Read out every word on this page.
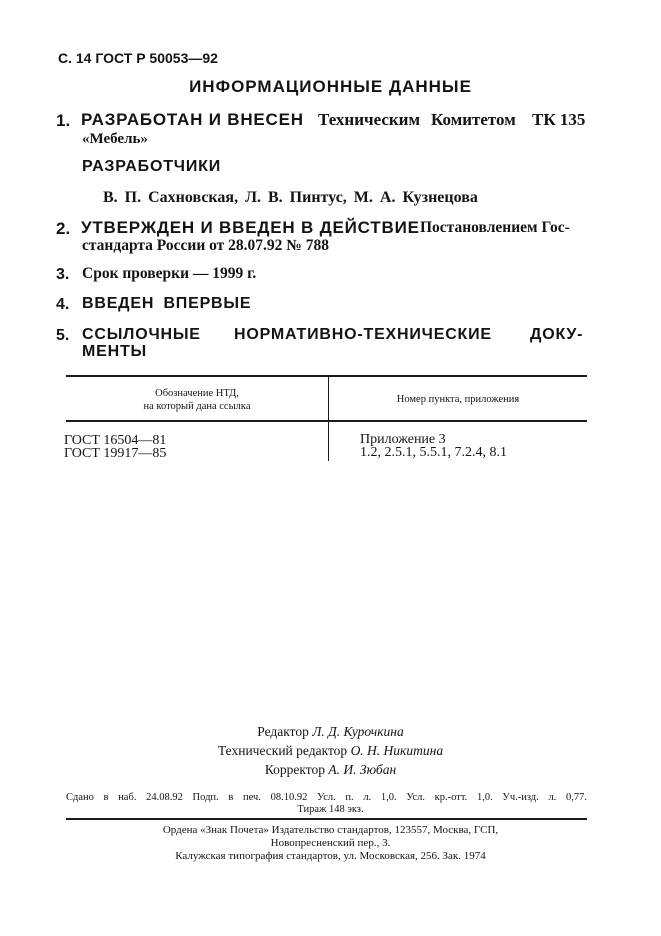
С. 14 ГОСТ Р 50053—92
ИНФОРМАЦИОННЫЕ ДАННЫЕ
1. РАЗРАБОТАН И ВНЕСЕН Техническим Комитетом ТК 135
«Мебель»
РАЗРАБОТЧИКИ
В. П. Сахновская, Л. В. Пинтус, М. А. Кузнецова
2. УТВЕРЖДЕН И ВВЕДЕН В ДЕЙСТВИЕ Постановлением Гос-
стандарта России от 28.07.92 № 788
3. Срок проверки — 1999 г.
4. ВВЕДЕН ВПЕРВЫЕ
5. ССЫЛОЧНЫЕ НОРМАТИВНО-ТЕХНИЧЕСКИЕ ДОКУ-
МЕНТЫ
Обозначение НТД,
на который дана ссылка
Номер пункта, приложения
ГОСТ 16504—81	Приложение 3
ГОСТ 19917—85	1.2, 2.5.1, 5.5.1, 7.2.4, 8.1
Редактор Л. Д. Курочкина
Технический редактор О. Н. Никитина
Корректор А. И. Зюбан
Сдано в наб. 24.08.92 Подп. в печ. 08.10.92 Усл. п. л. 1,0. Усл. кр.-отт. 1,0. Уч.-изд. л. 0,77.
Тираж 148 экз.
Ордена «Знак Почета» Издательство стандартов, 123557, Москва, ГСП,
Новопресненский пер., 3.
Калужская типография стандартов, ул. Московская, 256. Зак. 1974
